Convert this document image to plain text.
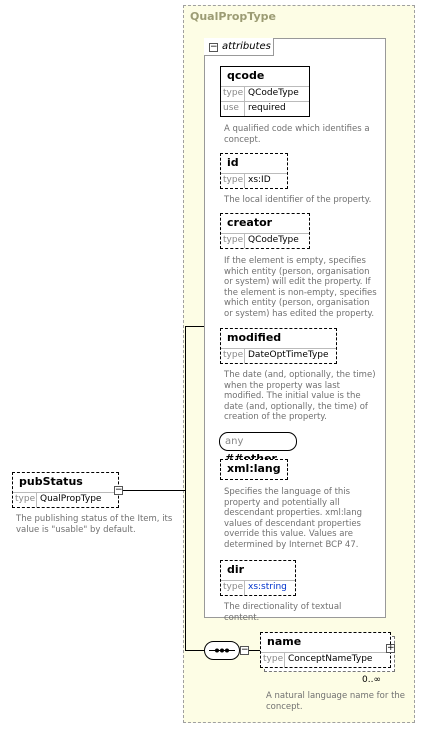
QualPropType
− attributes
qcode
type QCodeType
use	required
A qualified code which identifies a concept.
id
type xs:ID
The local identifier of the property.
creator
type QCodeType
If the element is empty, specifies which entity (person, organisation or system) will edit the property. If the element is non-empty, specifies which entity (person, organisation or system) has edited the property.
modified
type DateOptTimeType
The date (and, optionally, the time) when the property was last modified. The initial value is the date (and, optionally, the time) of creation of the property.
any
xml:lang
Specifies the language of this property and potentially all descendant properties. xml:lang values of descendant properties override this value. Values are determined by Internet BCP 47.
dir
type xs:string
The directionality of textual content.
pubStatus
type QualPropType
−
The publishing status of the Item, its value is "usable" by default.
−
name
type ConceptNameType
+
0..∞
A natural language name for the concept.
